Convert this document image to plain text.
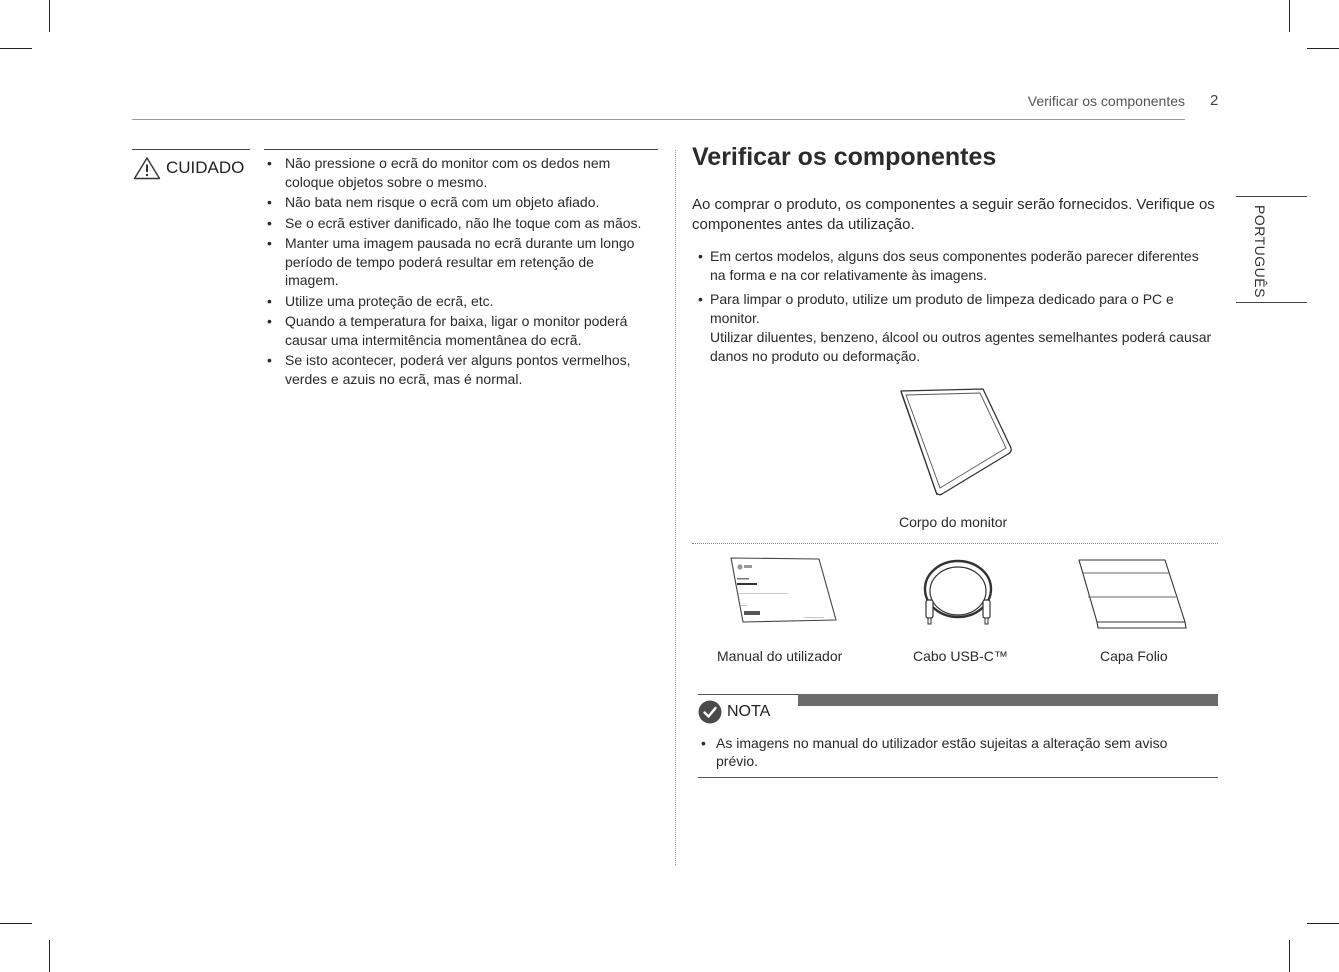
Verificar os componentes 2
PORTUGUÊS
CUIDADO	• Não pressione o ecrã do monitor com os dedos nem coloque objetos sobre o mesmo.
• Não bata nem risque o ecrã com um objeto afiado.
• Se o ecrã estiver danificado, não lhe toque com as mãos.
• Manter uma imagem pausada no ecrã durante um longo período de tempo poderá resultar em retenção de imagem.
• Utilize uma proteção de ecrã, etc.
• Quando a temperatura for baixa, ligar o monitor poderá causar uma intermitência momentânea do ecrã.
• Se isto acontecer, poderá ver alguns pontos vermelhos, verdes e azuis no ecrã, mas é normal.
Verificar os componentes

Ao comprar o produto, os componentes a seguir serão fornecidos. Verifique os componentes antes da utilização.

• Em certos modelos, alguns dos seus componentes poderão parecer diferentes na forma e na cor relativamente às imagens.
• Para limpar o produto, utilize um produto de limpeza dedicado para o PC e monitor.
Utilizar diluentes, benzeno, álcool ou outros agentes semelhantes poderá causar danos no produto ou deformação.
Corpo do monitor
Manual do utilizador	Cabo USB-C™	Capa Folio
NOTA
• As imagens no manual do utilizador estão sujeitas a alteração sem aviso prévio.
